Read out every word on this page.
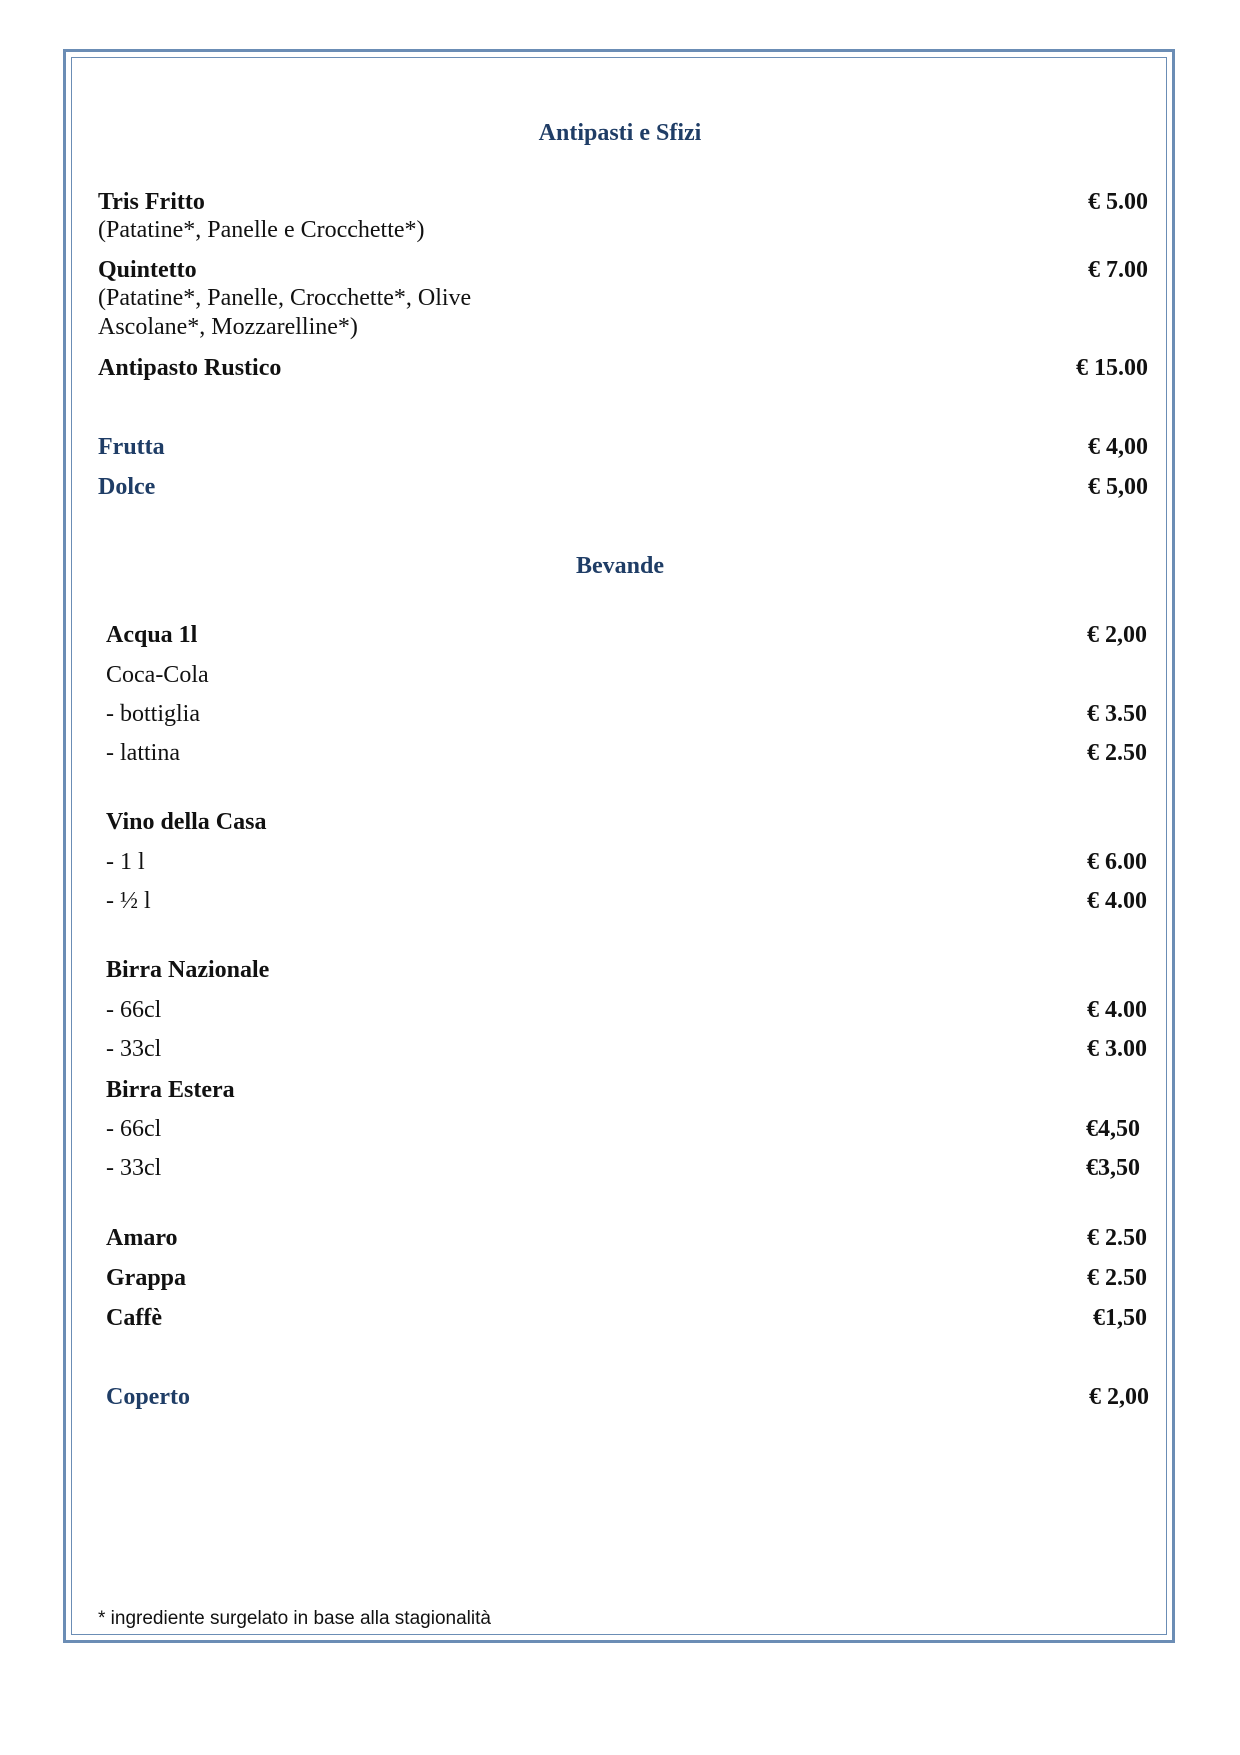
Antipasti e Sfizi
Tris Fritto	€ 5.00
(Patatine*, Panelle e Crocchette*)
Quintetto	€ 7.00
(Patatine*, Panelle, Crocchette*, Olive Ascolane*, Mozzarelline*)
Antipasto Rustico	€ 15.00
Frutta	€ 4,00
Dolce	€ 5,00
Bevande
Acqua 1l	€ 2,00
Coca-Cola
- bottiglia	€ 3.50
- lattina	€ 2.50
Vino della Casa
- 1 l	€ 6.00
- ½ l	€ 4.00
Birra Nazionale
- 66cl	€ 4.00
- 33cl	€ 3.00
Birra Estera
- 66cl	€4,50
- 33cl	€3,50
Amaro	€ 2.50
Grappa	€ 2.50
Caffè	€1,50
Coperto	€ 2,00
* ingrediente surgelato in base alla stagionalità
